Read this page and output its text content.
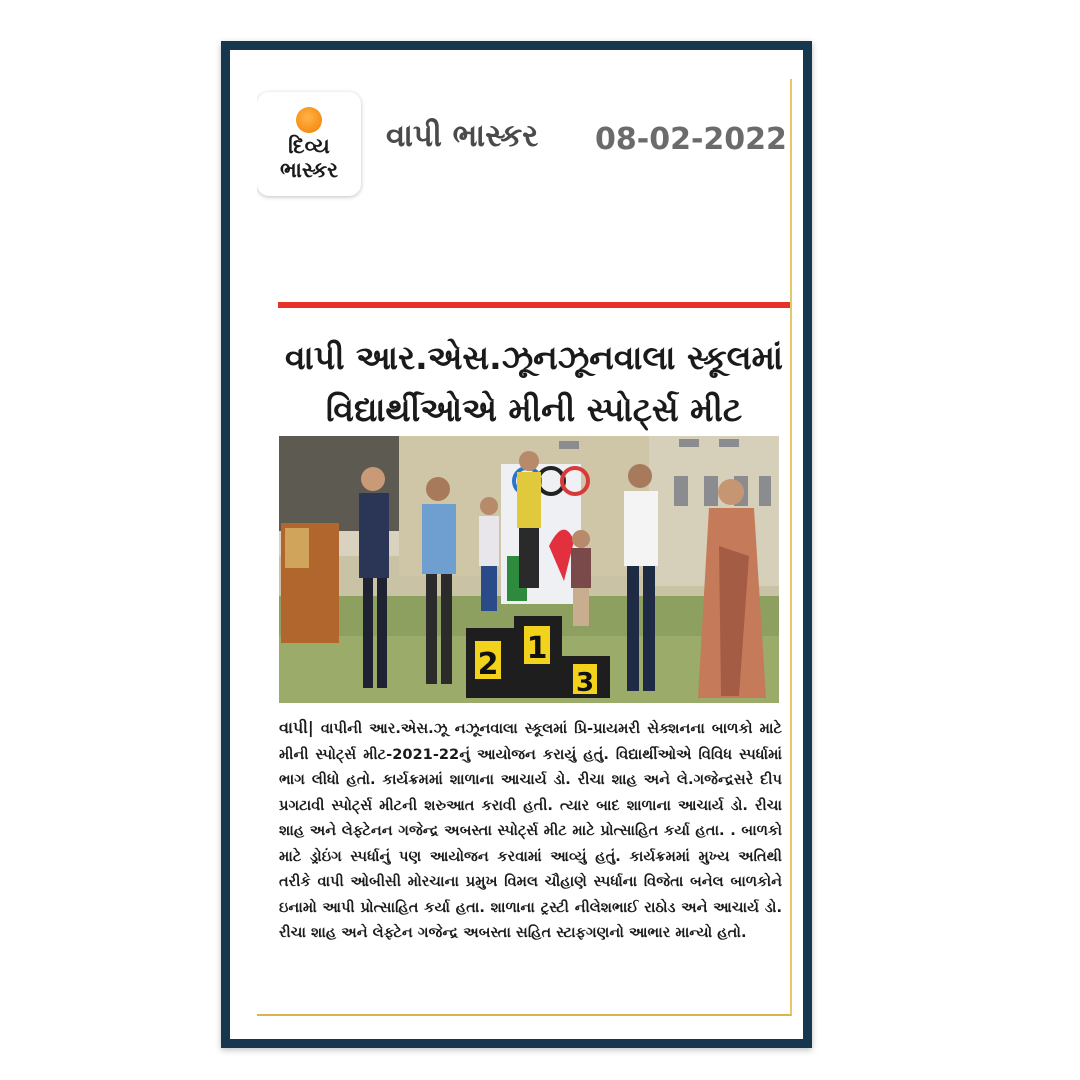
દિવ્ય
ભાસ્કર
વાપી ભાસ્કર 08-02-2022
વાપી આર.એસ.ઝૂનઝૂનવાલા સ્કૂલમાં
વિદ્યાર્થીઓએ મીની સ્પોર્ટ્સ મીટ
1
2
3
વાપી| વાપીની આર.એસ.ઝૂ નઝૂનવાલા સ્કૂલમાં પ્રિ-પ્રાયમરી સેક્શનના બાળકો માટે મીની સ્પોર્ટ્સ મીટ-2021-22નું આયોજન કરાયું હતું. વિદ્યાર્થીઓએ વિવિધ સ્પર્ધામાં ભાગ લીધો હતો. કાર્યક્રમમાં શાળાના આચાર્ય ડો. રીચા શાહ અને લે.ગજેન્દ્રસરે દીપ પ્રગટાવી સ્પોર્ટ્સ મીટની શરુઆત કરાવી હતી. ત્યાર બાદ શાળાના આચાર્ય ડો. રીચા શાહ અને લેફ્ટેનન ગજેન્દ્ર અબસ્તા સ્પોર્ટ્સ મીટ માટે પ્રોત્સાહિત કર્યા હતા. . બાળકો માટે ડ્રોઇંગ સ્પર્ધાનું પણ આયોજન કરવામાં આવ્યું હતું. કાર્યક્રમમાં મુખ્ય અતિથી તરીકે વાપી ઓબીસી મોરચાના પ્રમુખ વિમલ ચૌહાણે સ્પર્ધાના વિજેતા બનેલ બાળકોને ઇનામો આપી પ્રોત્સાહિત કર્યા હતા. શાળાના ટ્રસ્ટી નીલેશભાઈ રાઠોડ અને આચાર્ય ડો. રીચા શાહ અને લેફ્ટેન ગજેન્દ્ર અબસ્તા સહિત સ્ટાફગણનો આભાર માન્યો હતો.
